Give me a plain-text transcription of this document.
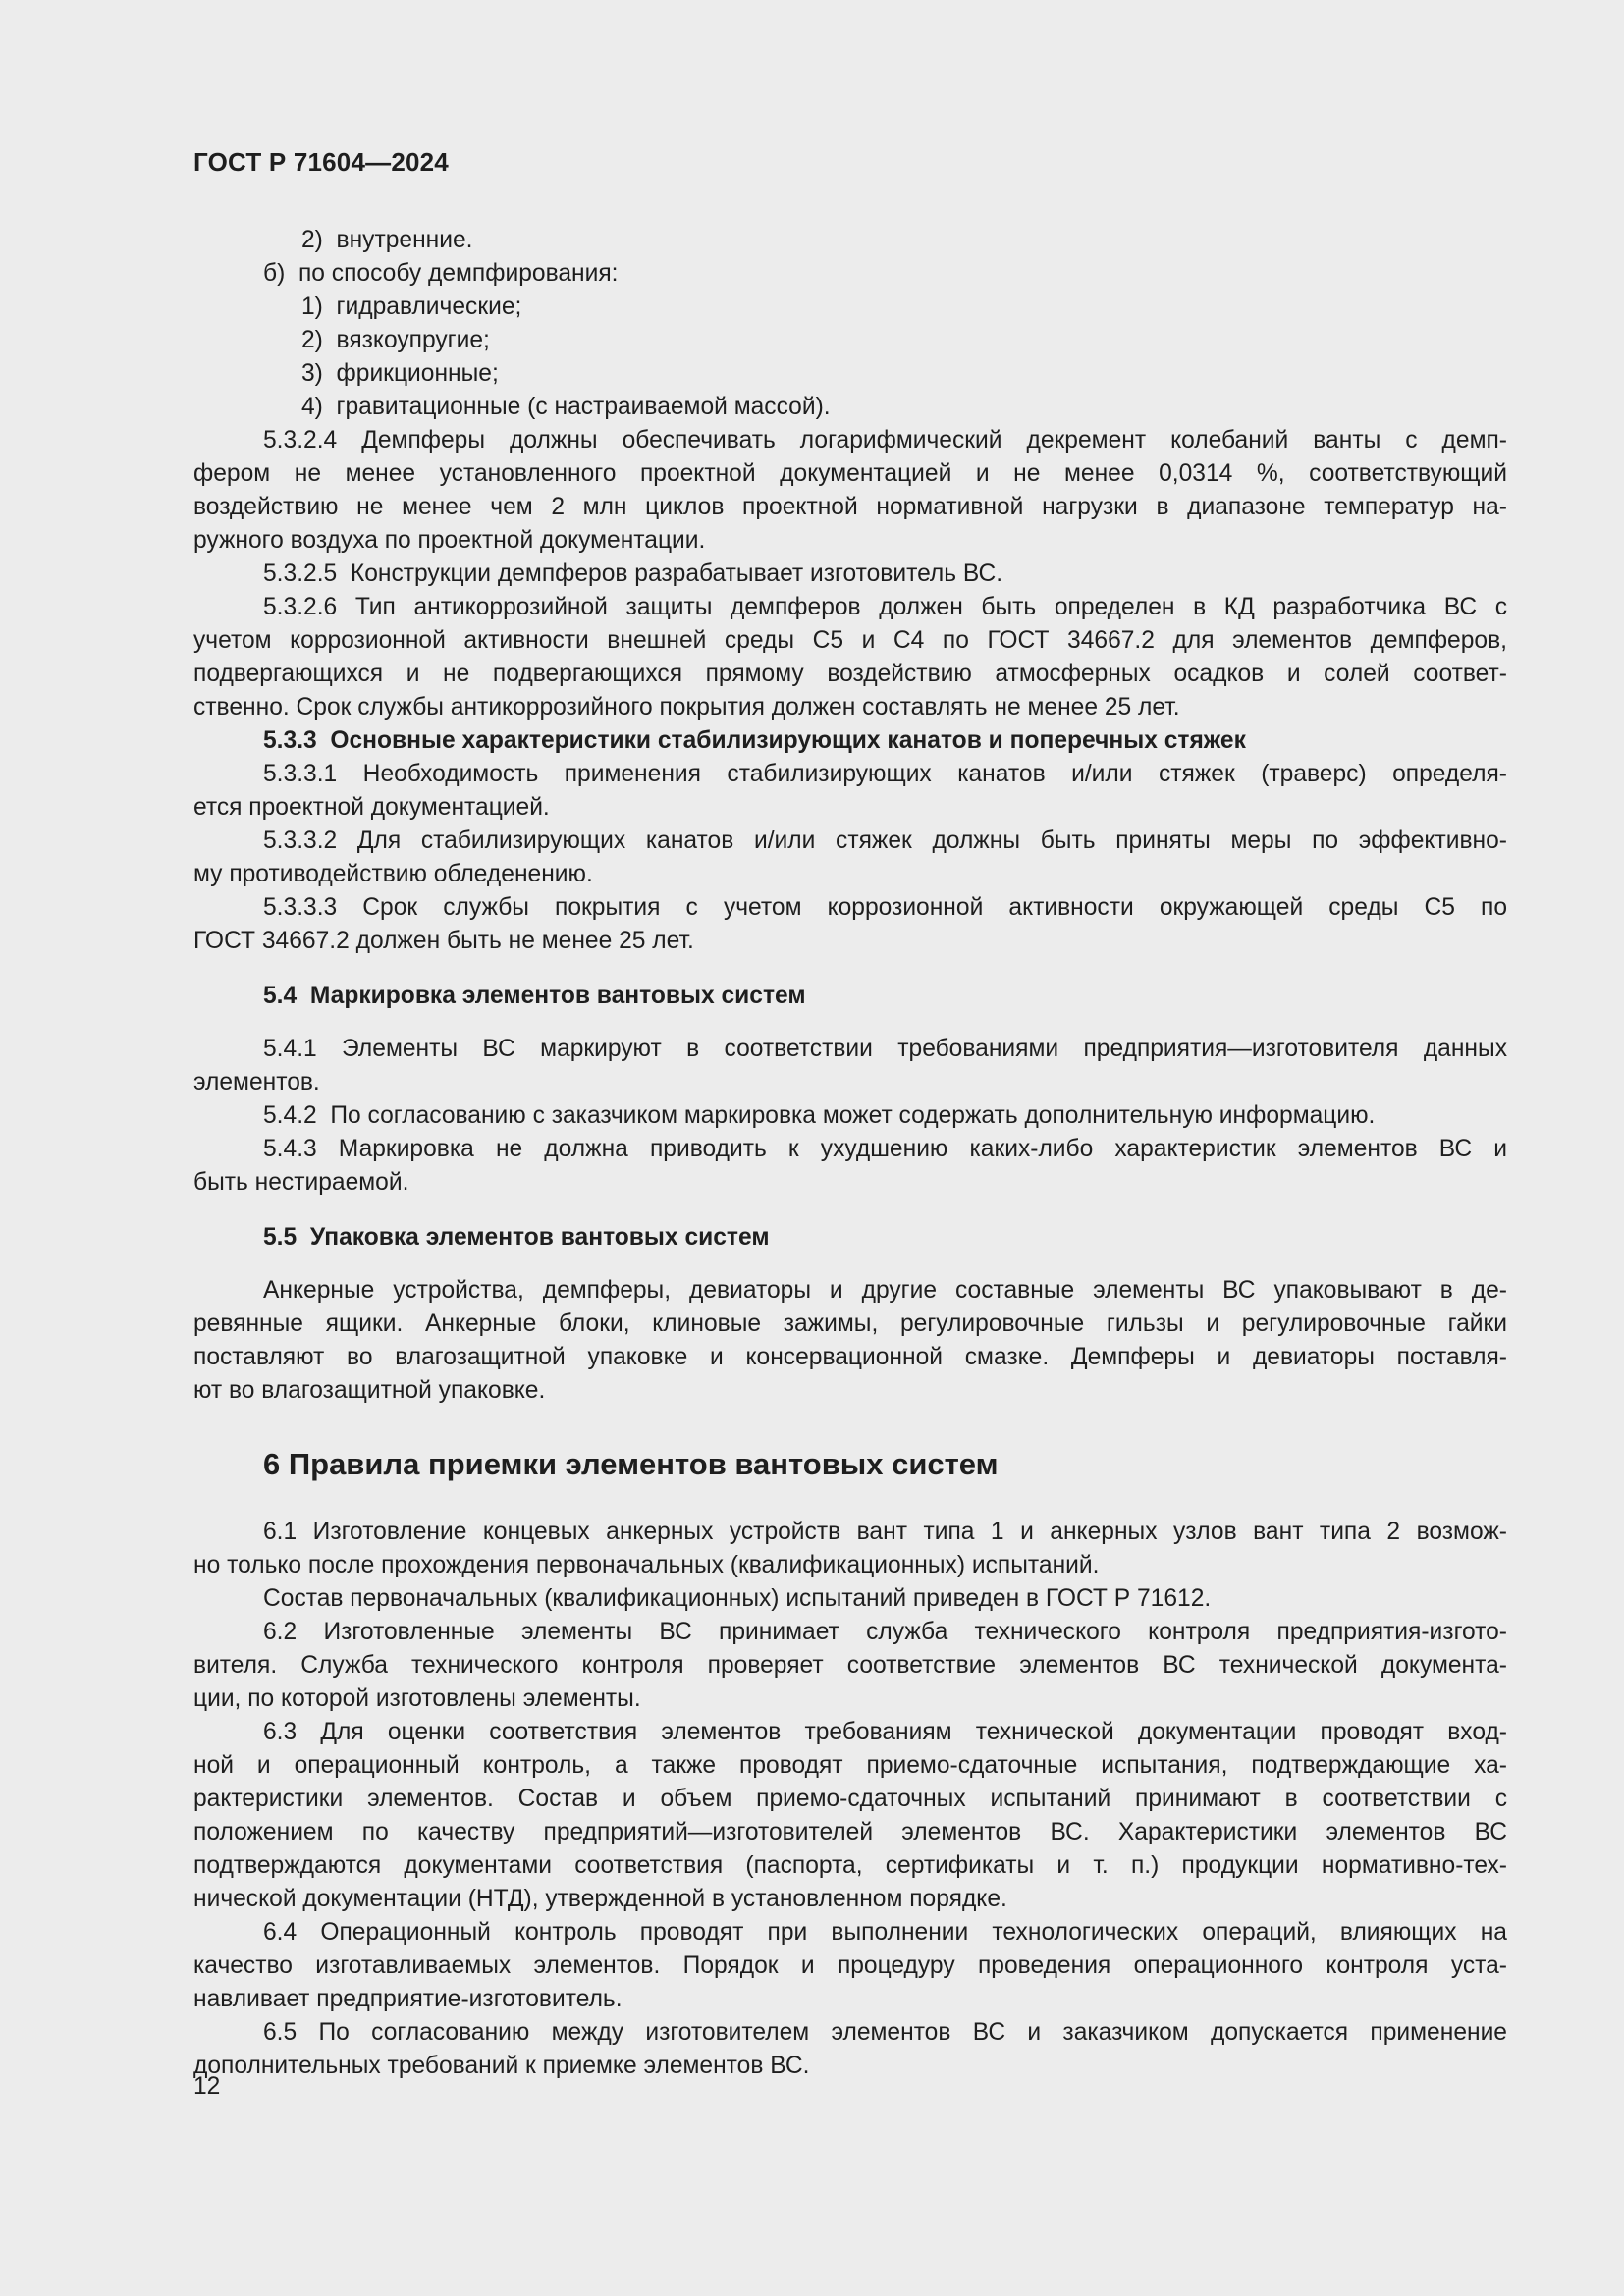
ГОСТ Р 71604—2024
2)  внутренние.
б)  по способу демпфирования:
1)  гидравлические;
2)  вязкоупругие;
3)  фрикционные;
4)  гравитационные (с настраиваемой массой).
5.3.2.4 Демпферы должны обеспечивать логарифмический декремент колебаний ванты с демп-
фером не менее установленного проектной документацией и не менее 0,0314 %, соответствующий
воздействию не менее чем 2 млн циклов проектной нормативной нагрузки в диапазоне температур на-
ружного воздуха по проектной документации.
5.3.2.5  Конструкции демпферов разрабатывает изготовитель ВС.
5.3.2.6 Тип антикоррозийной защиты демпферов должен быть определен в КД разработчика ВС с
учетом коррозионной активности внешней среды С5 и С4 по ГОСТ 34667.2 для элементов демпферов,
подвергающихся и не подвергающихся прямому воздействию атмосферных осадков и солей соответ-
ственно. Срок службы антикоррозийного покрытия должен составлять не менее 25 лет.
5.3.3  Основные характеристики стабилизирующих канатов и поперечных стяжек
5.3.3.1 Необходимость применения стабилизирующих канатов и/или стяжек (траверс) определя-
ется проектной документацией.
5.3.3.2 Для стабилизирующих канатов и/или стяжек должны быть приняты меры по эффективно-
му противодействию обледенению.
5.3.3.3 Срок службы покрытия с учетом коррозионной активности окружающей среды С5 по
ГОСТ 34667.2 должен быть не менее 25 лет.
5.4  Маркировка элементов вантовых систем
5.4.1 Элементы ВС маркируют в соответствии требованиями предприятия—изготовителя данных
элементов.
5.4.2  По согласованию с заказчиком маркировка может содержать дополнительную информацию.
5.4.3 Маркировка не должна приводить к ухудшению каких-либо характеристик элементов ВС и
быть нестираемой.
5.5  Упаковка элементов вантовых систем
Анкерные устройства, демпферы, девиаторы и другие составные элементы ВС упаковывают в де-
ревянные ящики. Анкерные блоки, клиновые зажимы, регулировочные гильзы и регулировочные гайки
поставляют во влагозащитной упаковке и консервационной смазке. Демпферы и девиаторы поставля-
ют во влагозащитной упаковке.
6 Правила приемки элементов вантовых систем
6.1 Изготовление концевых анкерных устройств вант типа 1 и анкерных узлов вант типа 2 возмож-
но только после прохождения первоначальных (квалификационных) испытаний.
Состав первоначальных (квалификационных) испытаний приведен в ГОСТ Р 71612.
6.2 Изготовленные элементы ВС принимает служба технического контроля предприятия-изгото-
вителя. Служба технического контроля проверяет соответствие элементов ВС технической документа-
ции, по которой изготовлены элементы.
6.3 Для оценки соответствия элементов требованиям технической документации проводят вход-
ной и операционный контроль, а также проводят приемо-сдаточные испытания, подтверждающие ха-
рактеристики элементов. Состав и объем приемо-сдаточных испытаний принимают в соответствии с
положением по качеству предприятий—изготовителей элементов ВС. Характеристики элементов ВС
подтверждаются документами соответствия (паспорта, сертификаты и т. п.) продукции нормативно-тех-
нической документации (НТД), утвержденной в установленном порядке.
6.4 Операционный контроль проводят при выполнении технологических операций, влияющих на
качество изготавливаемых элементов. Порядок и процедуру проведения операционного контроля уста-
навливает предприятие-изготовитель.
6.5 По согласованию между изготовителем элементов ВС и заказчиком допускается применение
дополнительных требований к приемке элементов ВС.
12
